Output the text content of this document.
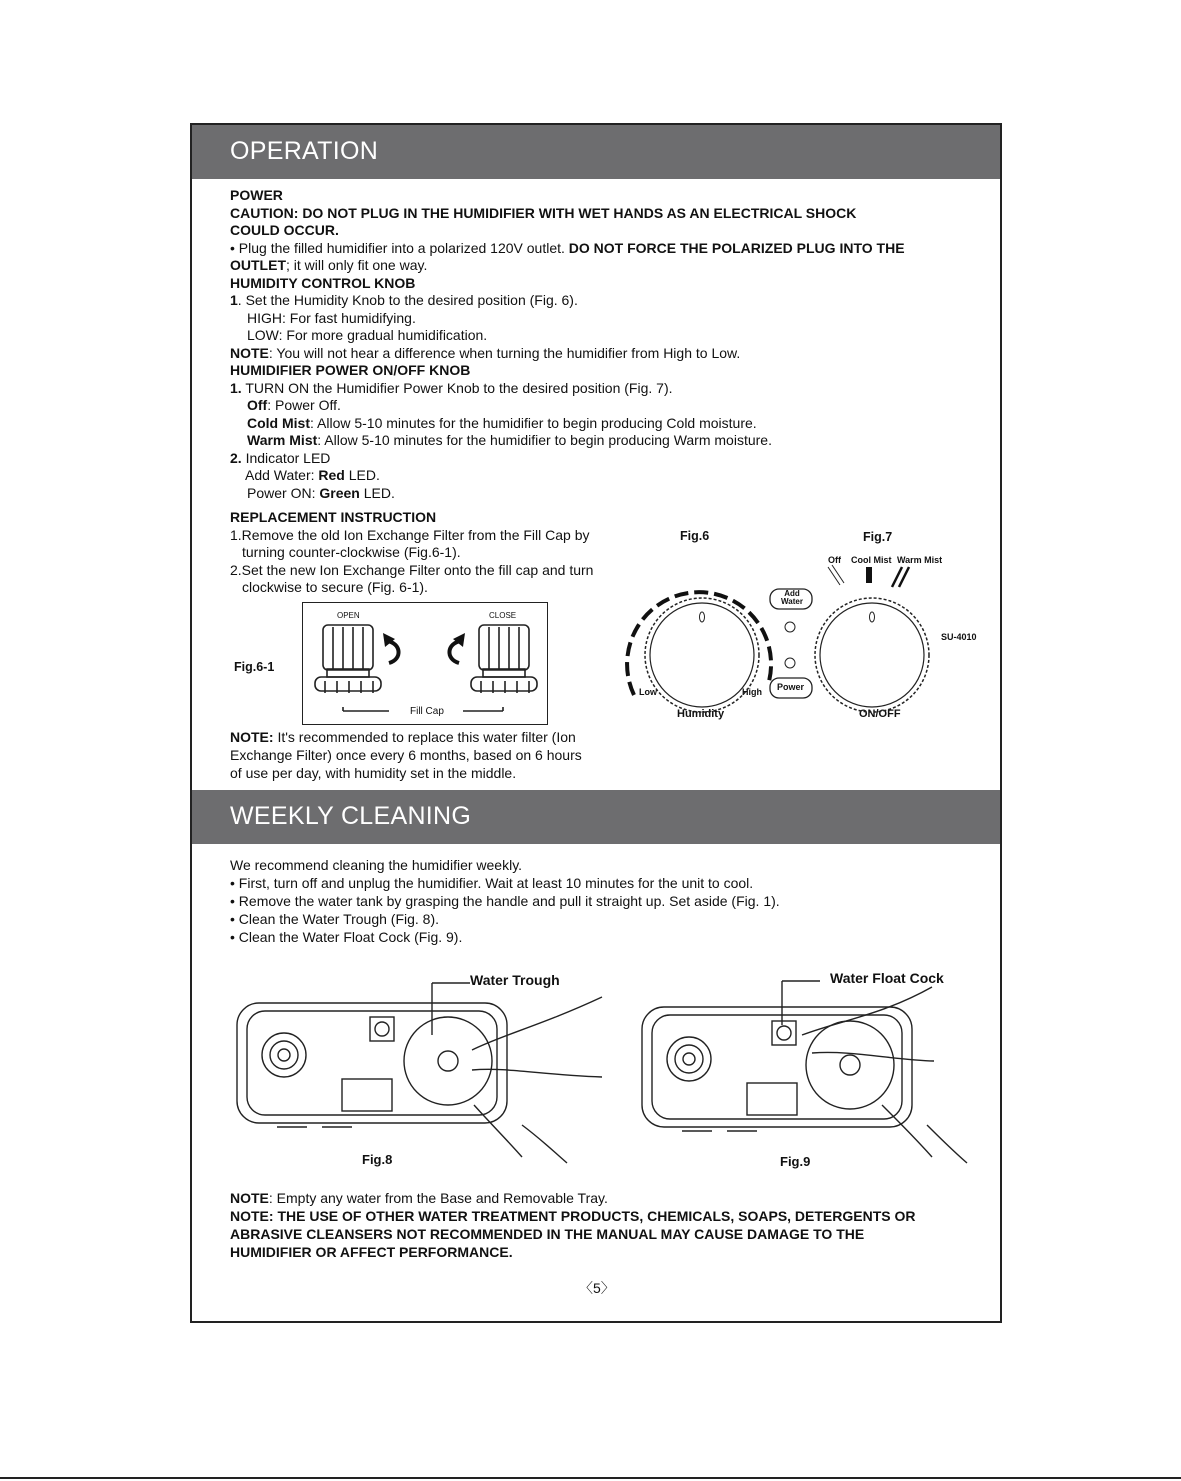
OPERATION
POWER
CAUTION: DO NOT PLUG IN THE HUMIDIFIER WITH WET HANDS AS AN ELECTRICAL SHOCK
COULD OCCUR.
• Plug the filled humidifier into a polarized 120V outlet. DO NOT FORCE THE POLARIZED PLUG INTO THE
OUTLET; it will only fit one way.
HUMIDITY CONTROL KNOB
1. Set the Humidity Knob to the desired position (Fig. 6).
HIGH: For fast humidifying.
LOW: For more gradual humidification.
NOTE: You will not hear a difference when turning the humidifier from High to Low.
HUMIDIFIER POWER ON/OFF KNOB
1. TURN ON the Humidifier Power Knob to the desired position (Fig. 7).
Off: Power Off.
Cold Mist: Allow 5-10 minutes for the humidifier to begin producing Cold moisture.
Warm Mist: Allow 5-10 minutes for the humidifier to begin producing Warm moisture.
2. Indicator LED
Add Water: Red LED.
Power ON: Green LED.
REPLACEMENT INSTRUCTION
1.Remove the old Ion Exchange Filter from the Fill Cap by
turning counter-clockwise (Fig.6-1).
2.Set the new Ion Exchange Filter onto the fill cap and turn
clockwise to secure (Fig. 6-1).
Fig.6-1
OPEN	CLOSE
Fill Cap
NOTE: It's recommended to replace this water filter (Ion
Exchange Filter) once every 6 months, based on 6 hours
of use per day, with humidity set in the middle.
Fig.6	Fig.7
Off Cool Mist Warm Mist
SU-4010
Low	High
Humidity	ON/OFF
Add
Water
Power
WEEKLY CLEANING
We recommend cleaning the humidifier weekly.
• First, turn off and unplug the humidifier. Wait at least 10 minutes for the unit to cool.
• Remove the water tank by grasping the handle and pull it straight up. Set aside (Fig. 1).
• Clean the Water Trough (Fig. 8).
• Clean the Water Float Cock (Fig. 9).
Water Trough	Water Float Cock
Fig.8	Fig.9
NOTE: Empty any water from the Base and Removable Tray.
NOTE: THE USE OF OTHER WATER TREATMENT PRODUCTS, CHEMICALS, SOAPS, DETERGENTS OR
ABRASIVE CLEANSERS NOT RECOMMENDED IN THE MANUAL MAY CAUSE DAMAGE TO THE
HUMIDIFIER OR AFFECT PERFORMANCE.
〈5〉
